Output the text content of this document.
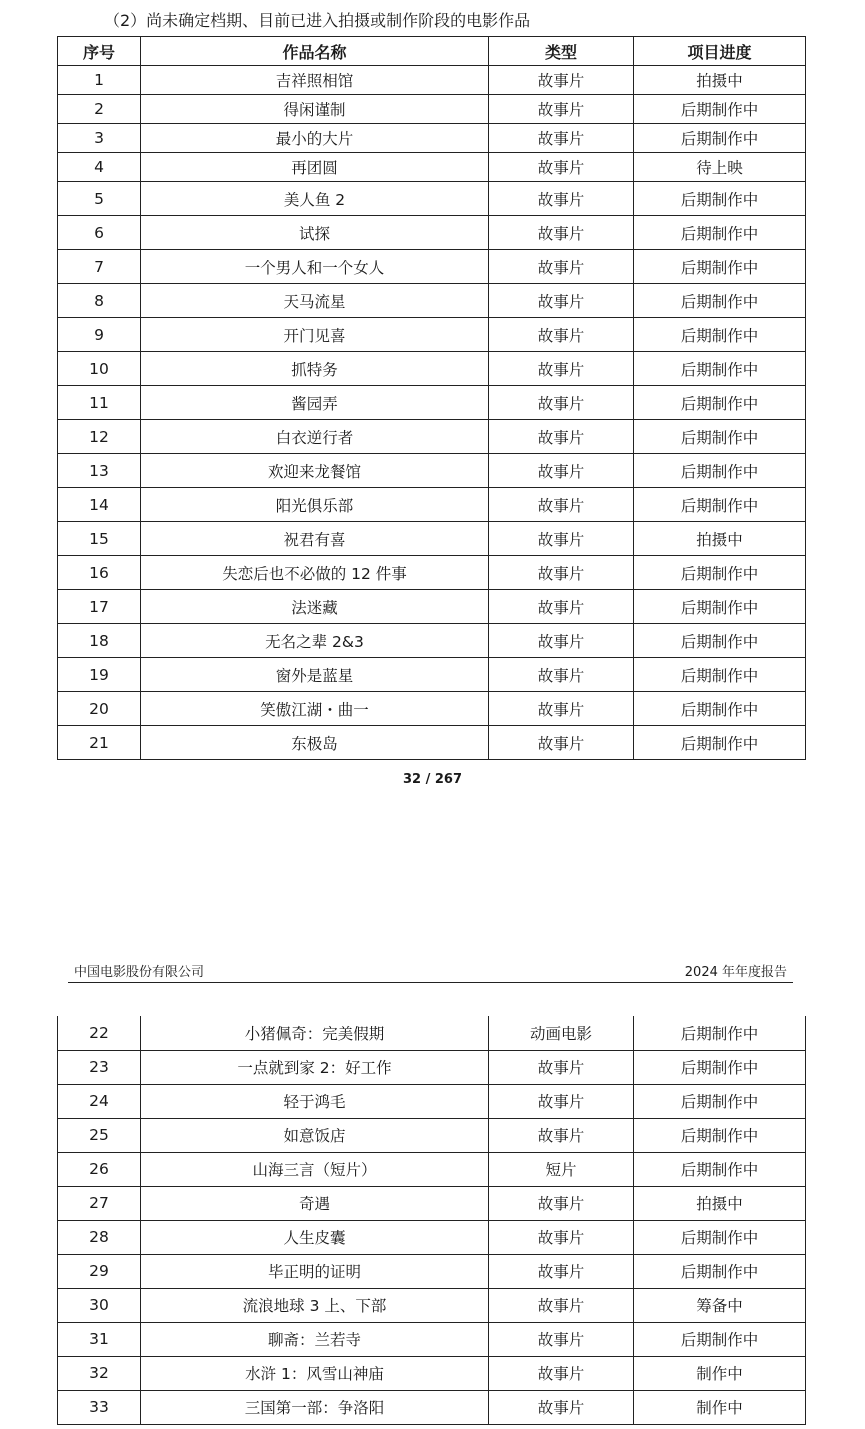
（2）尚未确定档期、目前已进入拍摄或制作阶段的电影作品
序号	作品名称	类型	项目进度
1	吉祥照相馆	故事片	拍摄中
2	得闲谨制	故事片	后期制作中
3	最小的大片	故事片	后期制作中
4	再团圆	故事片	待上映
5	美人鱼 2	故事片	后期制作中
6	试探	故事片	后期制作中
7	一个男人和一个女人	故事片	后期制作中
8	天马流星	故事片	后期制作中
9	开门见喜	故事片	后期制作中
10	抓特务	故事片	后期制作中
11	酱园弄	故事片	后期制作中
12	白衣逆行者	故事片	后期制作中
13	欢迎来龙餐馆	故事片	后期制作中
14	阳光俱乐部	故事片	后期制作中
15	祝君有喜	故事片	拍摄中
16	失恋后也不必做的 12 件事	故事片	后期制作中
17	法迷藏	故事片	后期制作中
18	无名之辈 2&3	故事片	后期制作中
19	窗外是蓝星	故事片	后期制作中
20	笑傲江湖・曲一	故事片	后期制作中
21	东极岛	故事片	后期制作中
32 / 267
中国电影股份有限公司	2024 年年度报告
22	小猪佩奇：完美假期	动画电影	后期制作中
23	一点就到家 2：好工作	故事片	后期制作中
24	轻于鸿毛	故事片	后期制作中
25	如意饭店	故事片	后期制作中
26	山海三言（短片）	短片	后期制作中
27	奇遇	故事片	拍摄中
28	人生皮囊	故事片	后期制作中
29	毕正明的证明	故事片	后期制作中
30	流浪地球 3 上、下部	故事片	筹备中
31	聊斋：兰若寺	故事片	后期制作中
32	水浒 1：风雪山神庙	故事片	制作中
33	三国第一部：争洛阳	故事片	制作中
